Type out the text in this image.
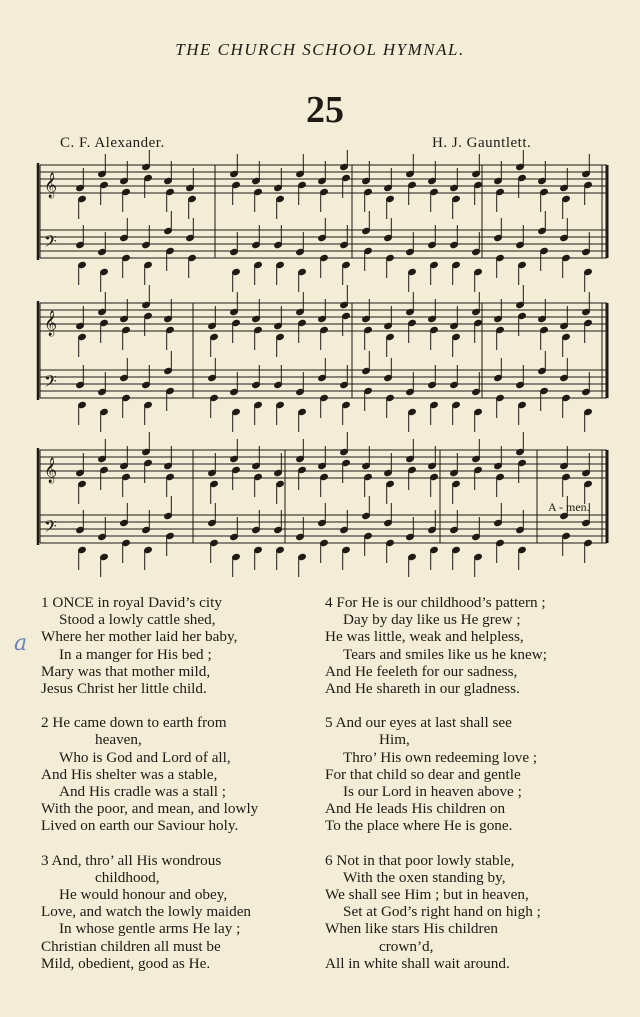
THE CHURCH SCHOOL HYMNAL.
25
C. F. Alexander.	H. J. Gauntlett.
𝄞
𝄢
𝄞
𝄢
𝄞
𝄢
A - men.
a
1 ONCE in royal David’s city
Stood a lowly cattle shed,
Where her mother laid her baby,
In a manger for His bed ;
Mary was that mother mild,
Jesus Christ her little child.
2 He came down to earth from
heaven,
Who is God and Lord of all,
And His shelter was a stable,
And His cradle was a stall ;
With the poor, and mean, and lowly
Lived on earth our Saviour holy.
3 And, thro’ all His wondrous
childhood,
He would honour and obey,
Love, and watch the lowly maiden
In whose gentle arms He lay ;
Christian children all must be
Mild, obedient, good as He.
4 For He is our childhood’s pattern ;
Day by day like us He grew ;
He was little, weak and helpless,
Tears and smiles like us he knew;
And He feeleth for our sadness,
And He shareth in our gladness.
5 And our eyes at last shall see
Him,
Thro’ His own redeeming love ;
For that child so dear and gentle
Is our Lord in heaven above ;
And He leads His children on
To the place where He is gone.
6 Not in that poor lowly stable,
With the oxen standing by,
We shall see Him ; but in heaven,
Set at God’s right hand on high ;
When like stars His children
crown’d,
All in white shall wait around.
